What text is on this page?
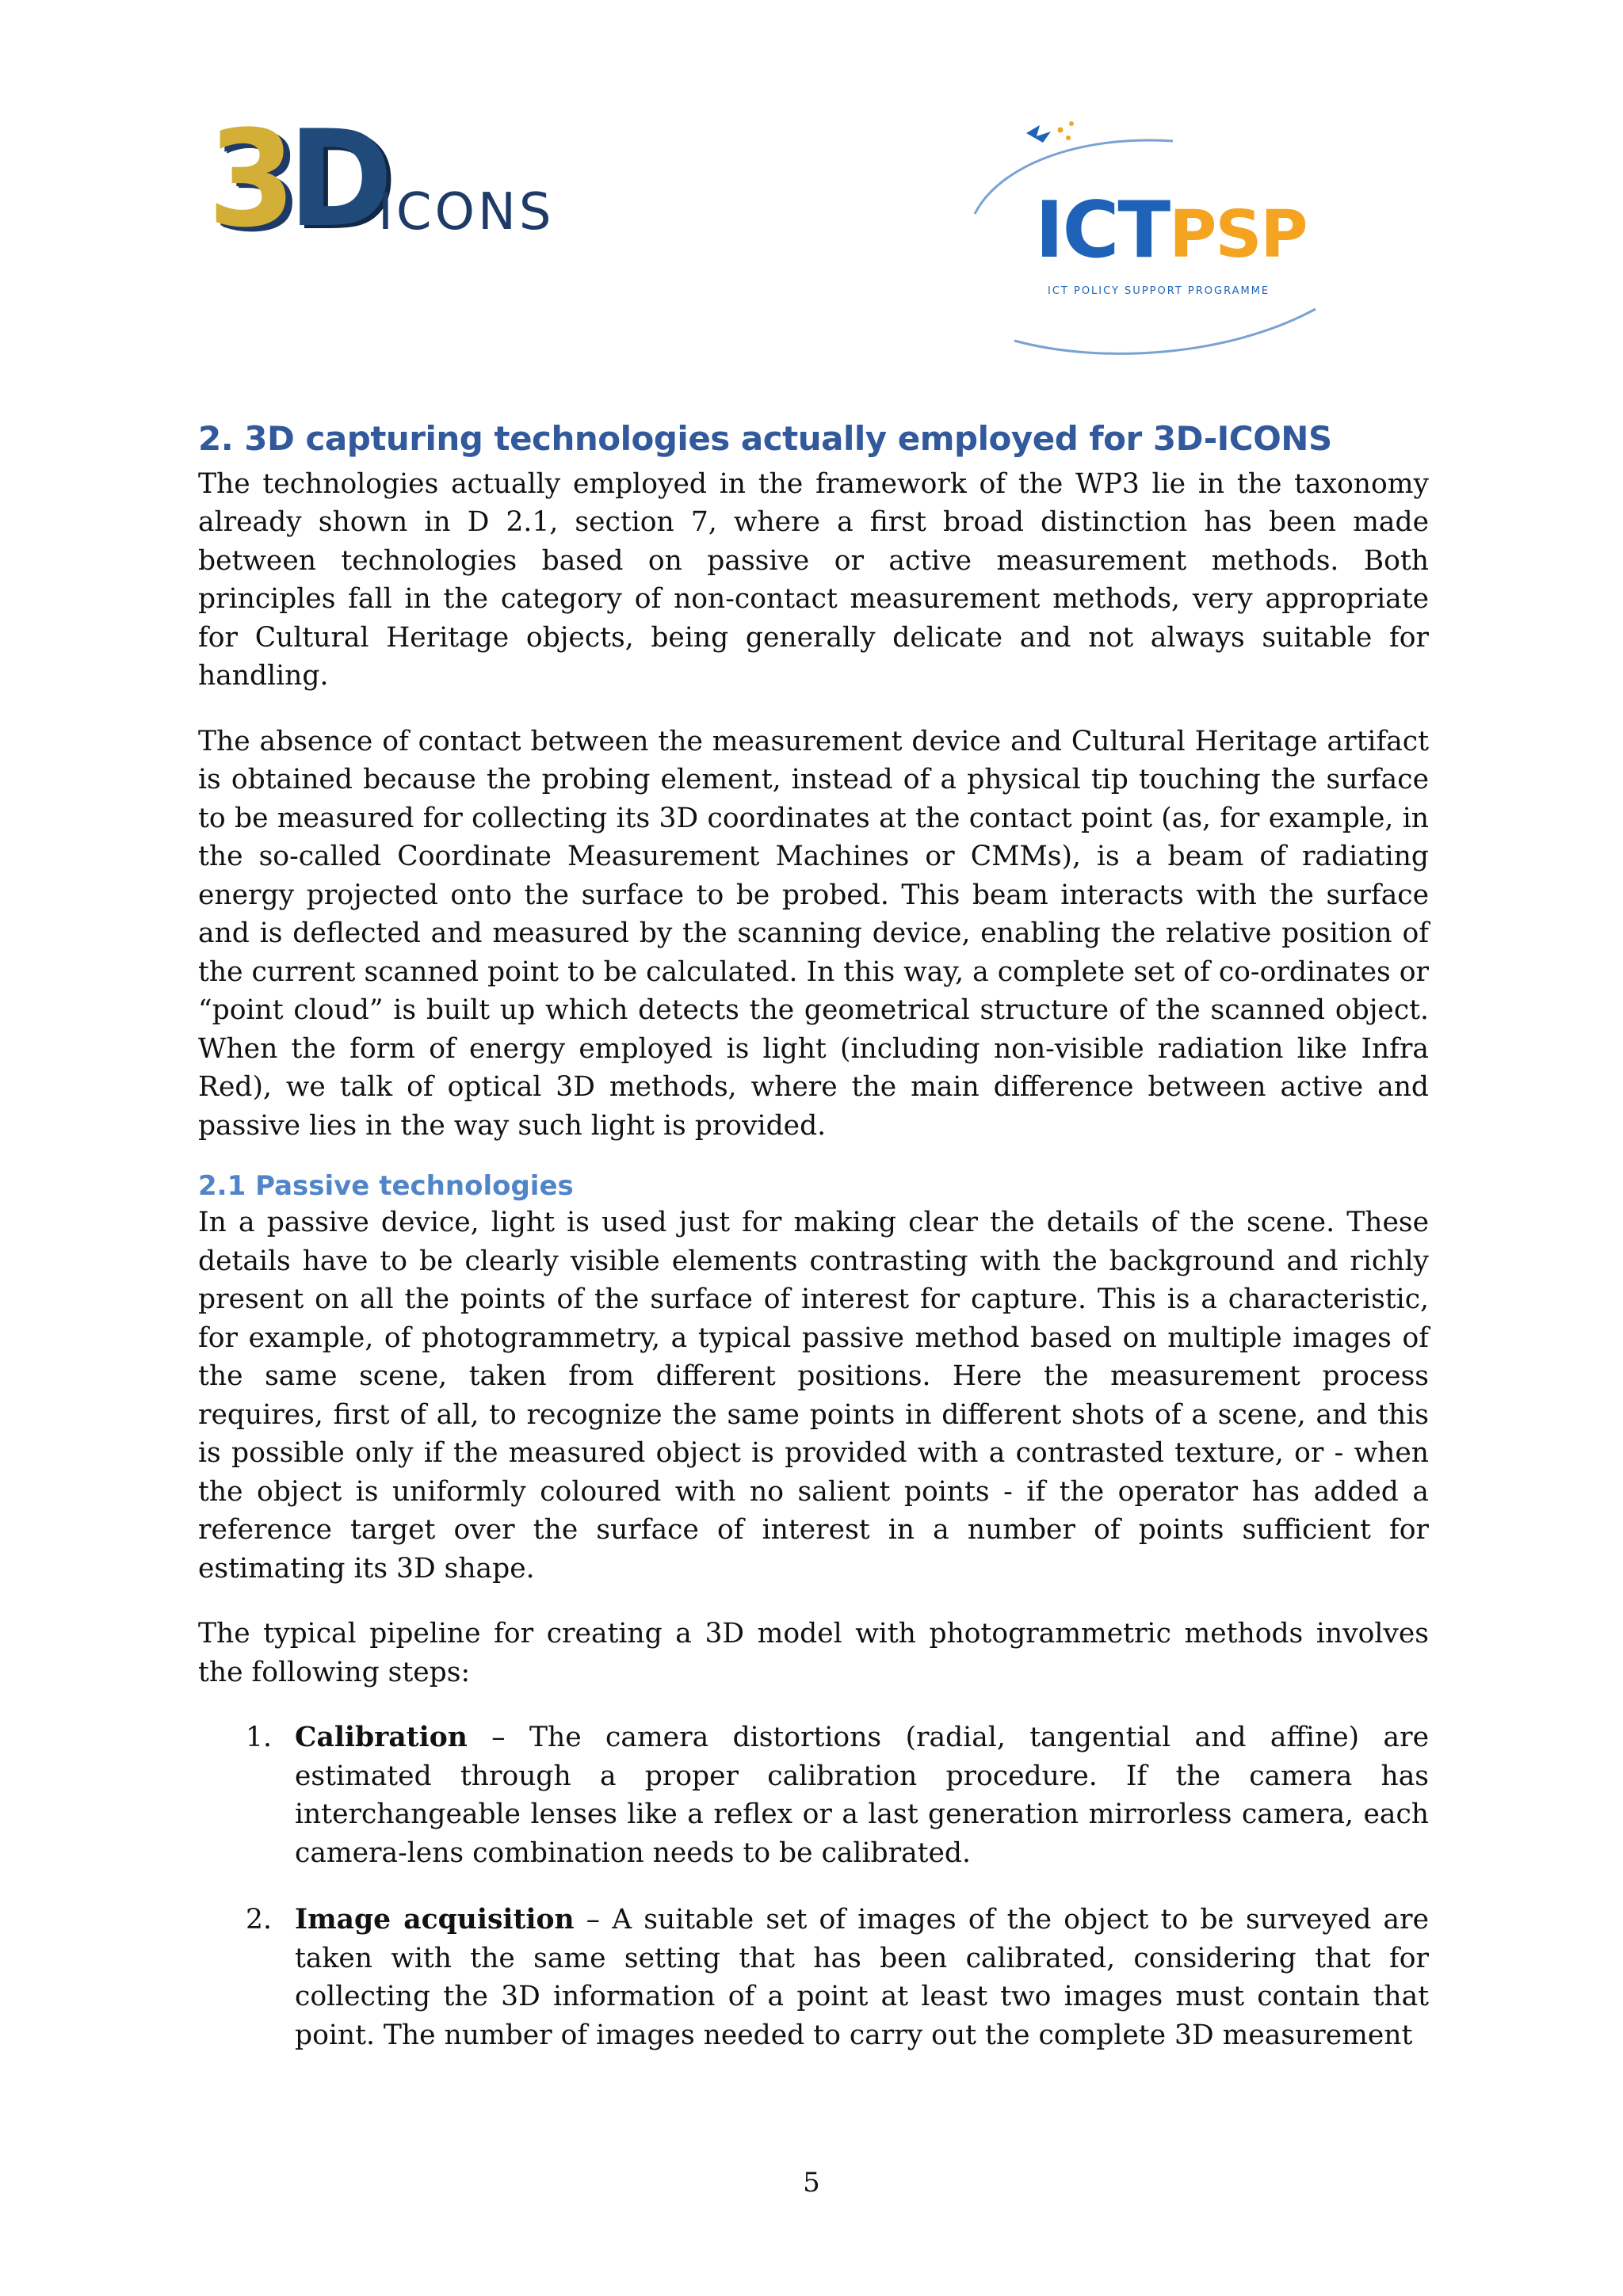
3D
ICONS	ICTPSP
ICT POLICY SUPPORT PROGRAMME
2. 3D capturing technologies actually employed for 3D-ICONS

The technologies actually employed in the framework of the WP3 lie in the taxonomy already shown in D 2.1, section 7, where a first broad distinction has been made between technologies based on passive or active measurement methods. Both principles fall in the category of non-contact measurement methods, very appropriate for Cultural Heritage objects, being generally delicate and not always suitable for handling.

The absence of contact between the measurement device and Cultural Heritage artifact is obtained because the probing element, instead of a physical tip touching the surface to be measured for collecting its 3D coordinates at the contact point (as, for example, in the so-called Coordinate Measurement Machines or CMMs), is a beam of radiating energy projected onto the surface to be probed. This beam interacts with the surface and is deflected and measured by the scanning device, enabling the relative position of the current scanned point to be calculated. In this way, a complete set of co-ordinates or “point cloud” is built up which detects the geometrical structure of the scanned object. When the form of energy employed is light (including non-visible radiation like Infra Red), we talk of optical 3D methods, where the main difference between active and passive lies in the way such light is provided.

2.1 Passive technologies

In a passive device, light is used just for making clear the details of the scene. These details have to be clearly visible elements contrasting with the background and richly present on all the points of the surface of interest for capture. This is a characteristic, for example, of photogrammetry, a typical passive method based on multiple images of the same scene, taken from different positions. Here the measurement process requires, first of all, to recognize the same points in different shots of a scene, and this is possible only if the measured object is provided with a contrasted texture, or - when the object is uniformly coloured with no salient points - if the operator has added a reference target over the surface of interest in a number of points sufficient for estimating its 3D shape.

The typical pipeline for creating a 3D model with photogrammetric methods involves the following steps:

1. Calibration – The camera distortions (radial, tangential and affine) are estimated through a proper calibration procedure. If the camera has interchangeable lenses like a reflex or a last generation mirrorless camera, each camera-lens combination needs to be calibrated.
2. Image acquisition – A suitable set of images of the object to be surveyed are taken with the same setting that has been calibrated, considering that for collecting the 3D information of a point at least two images must contain that point. The number of images needed to carry out the complete 3D measurement
5
